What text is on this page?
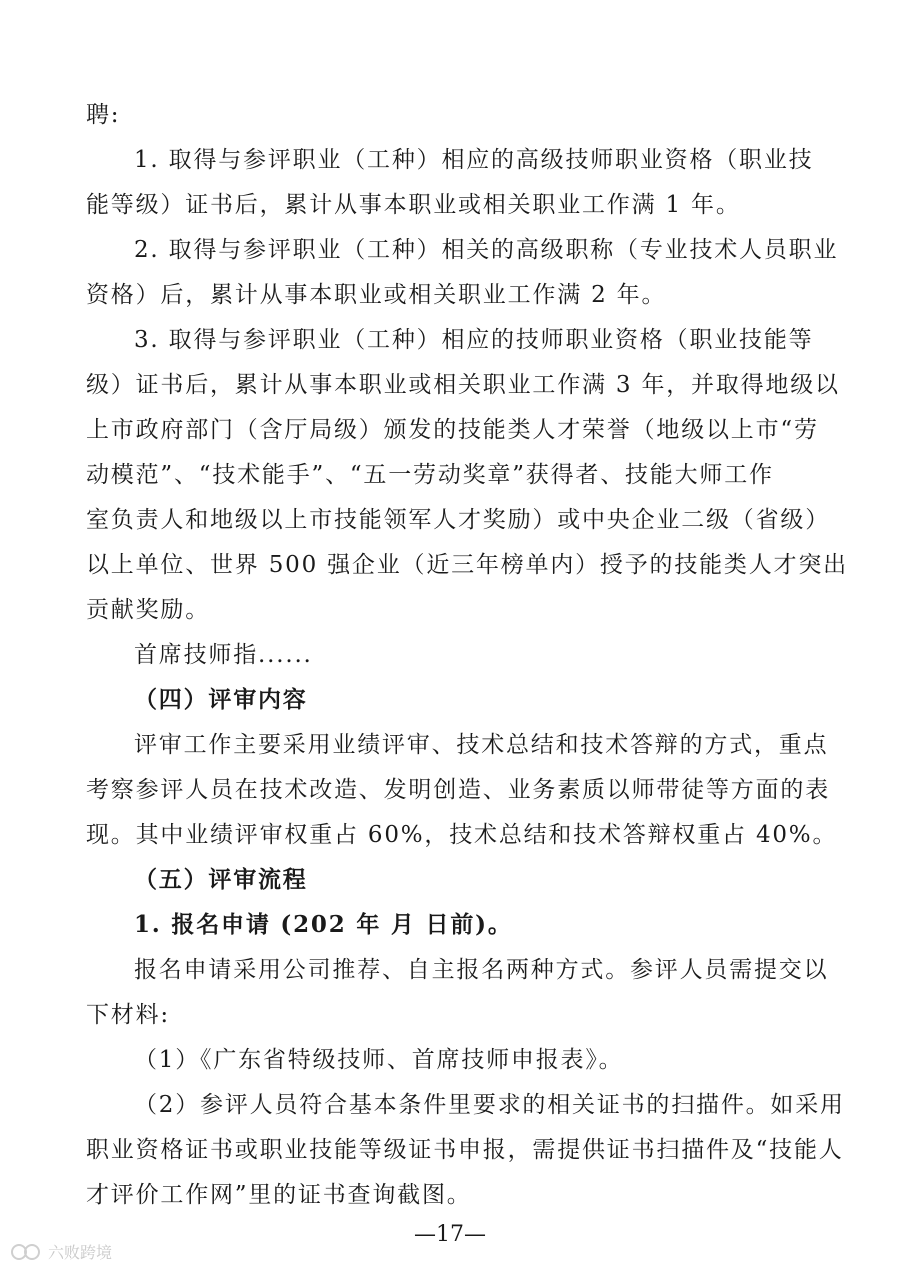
聘:
1. 取得与参评职业（工种）相应的高级技师职业资格（职业技
能等级）证书后，累计从事本职业或相关职业工作满 1 年。
2. 取得与参评职业（工种）相关的高级职称（专业技术人员职业
资格）后，累计从事本职业或相关职业工作满 2 年。
3. 取得与参评职业（工种）相应的技师职业资格（职业技能等
级）证书后，累计从事本职业或相关职业工作满 3 年，并取得地级以
上市政府部门（含厅局级）颁发的技能类人才荣誉（地级以上市“劳
动模范”、“技术能手”、“五一劳动奖章”获得者、技能大师工作
室负责人和地级以上市技能领军人才奖励）或中央企业二级（省级）
以上单位、世界 500 强企业（近三年榜单内）授予的技能类人才突出
贡献奖励。
首席技师指......
（四）评审内容
评审工作主要采用业绩评审、技术总结和技术答辩的方式，重点
考察参评人员在技术改造、发明创造、业务素质以师带徒等方面的表
现。其中业绩评审权重占 60%，技术总结和技术答辩权重占 40%。
（五）评审流程
1. 报名申请 (202 年 月 日前)。
报名申请采用公司推荐、自主报名两种方式。参评人员需提交以
下材料:
（1）《广东省特级技师、首席技师申报表》。
（2）参评人员符合基本条件里要求的相关证书的扫描件。如采用
职业资格证书或职业技能等级证书申报，需提供证书扫描件及“技能人
才评价工作网”里的证书查询截图。
—17—
六败跨境
